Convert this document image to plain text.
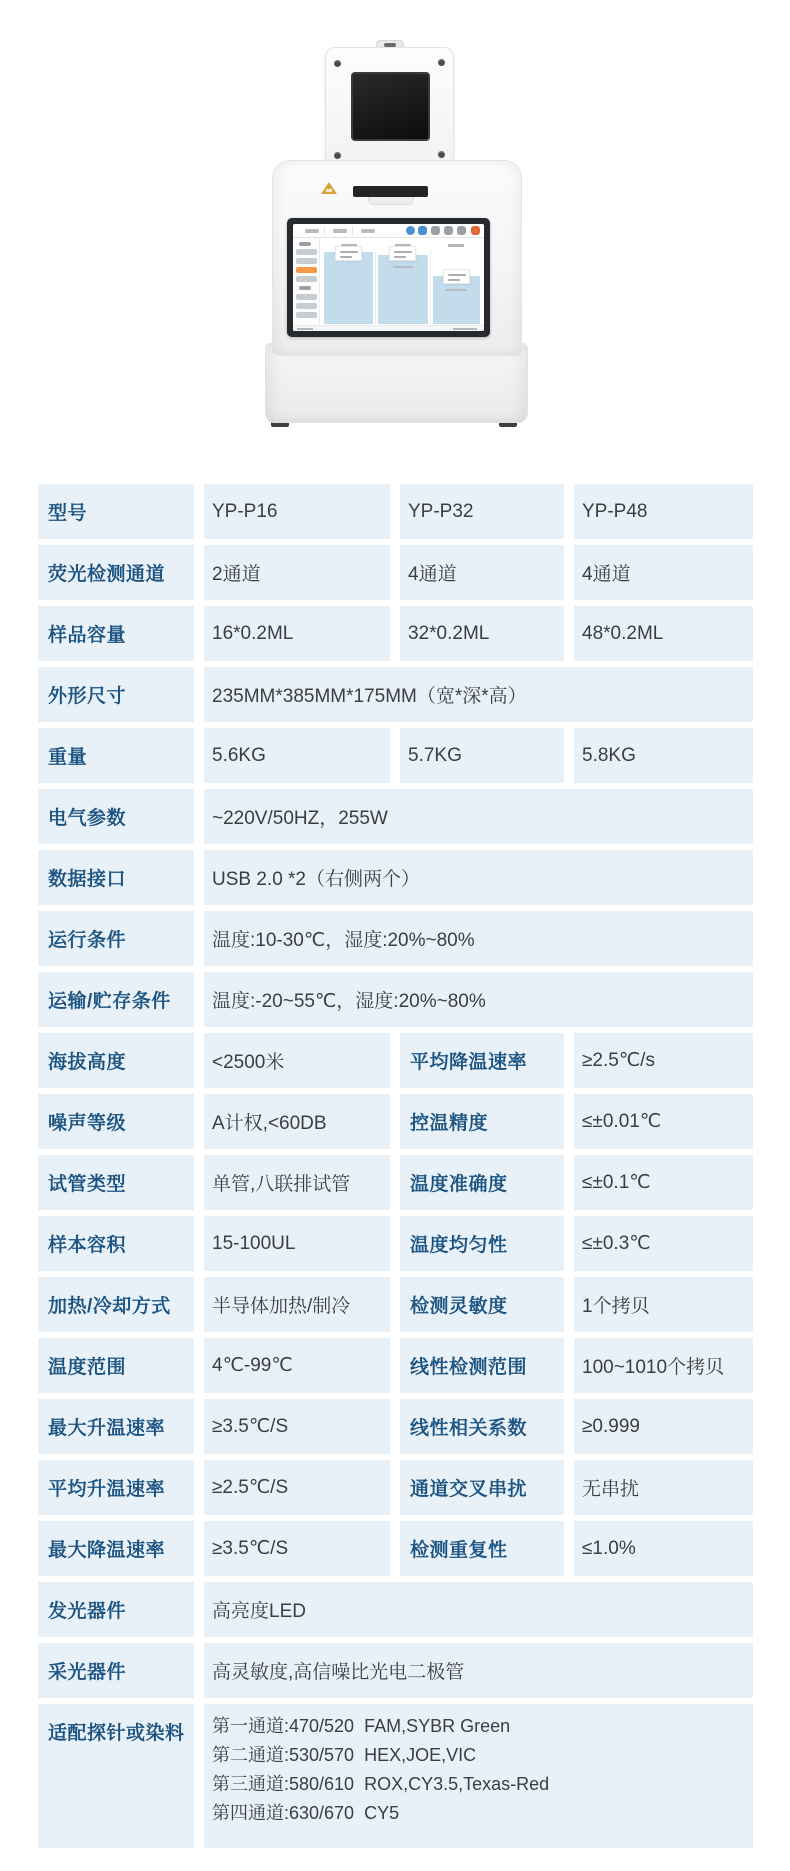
型号	YP-P16	YP-P32	YP-P48
荧光检测通道	2通道	4通道	4通道
样品容量	16*0.2ML	32*0.2ML	48*0.2ML
外形尺寸	235MM*385MM*175MM（宽*深*高）
重量	5.6KG	5.7KG	5.8KG
电气参数	~220V/50HZ，255W
数据接口	USB 2.0 *2（右侧两个）
运行条件	温度:10-30℃，湿度:20%~80%
运输/贮存条件	温度:-20~55℃，湿度:20%~80%
海拔高度	<2500米	平均降温速率	≥2.5℃/s
噪声等级	A计权,<60DB	控温精度	≤±0.01℃
试管类型	单管,八联排试管	温度准确度	≤±0.1℃
样本容积	15-100UL	温度均匀性	≤±0.3℃
加热/冷却方式	半导体加热/制冷	检测灵敏度	1个拷贝
温度范围	4℃-99℃	线性检测范围	100~1010个拷贝
最大升温速率	≥3.5℃/S	线性相关系数	≥0.999
平均升温速率	≥2.5℃/S	通道交叉串扰	无串扰
最大降温速率	≥3.5℃/S	检测重复性	≤1.0%
发光器件	高亮度LED
采光器件	高灵敏度,高信噪比光电二极管
适配探针或染料	第一通道:470/520  FAM,SYBR Green
第二通道:530/570  HEX,JOE,VIC
第三通道:580/610  ROX,CY3.5,Texas-Red
第四通道:630/670  CY5
